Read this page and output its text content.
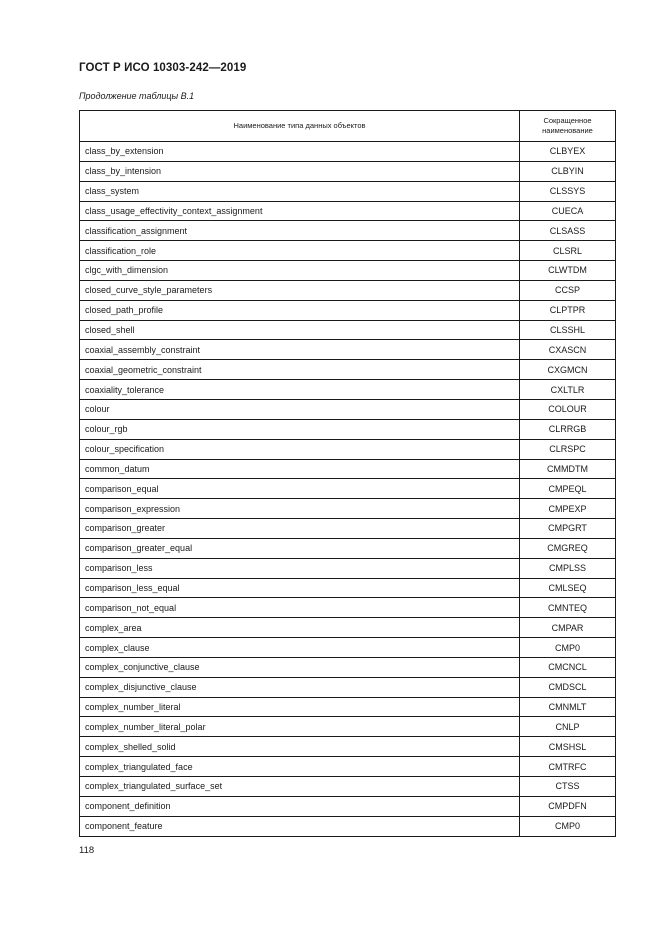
ГОСТ Р ИСО 10303-242—2019
Продолжение таблицы B.1
Наименование типа данных объектов	Сокращенное
наименование
class_by_extension	CLBYEX
class_by_intension	CLBYIN
class_system	CLSSYS
class_usage_effectivity_context_assignment	CUECA
classification_assignment	CLSASS
classification_role	CLSRL
clgc_with_dimension	CLWTDM
closed_curve_style_parameters	CCSP
closed_path_profile	CLPTPR
closed_shell	CLSSHL
coaxial_assembly_constraint	CXASCN
coaxial_geometric_constraint	CXGMCN
coaxiality_tolerance	CXLTLR
colour	COLOUR
colour_rgb	CLRRGB
colour_specification	CLRSPC
common_datum	CMMDTM
comparison_equal	CMPEQL
comparison_expression	CMPEXP
comparison_greater	CMPGRT
comparison_greater_equal	CMGREQ
comparison_less	CMPLSS
comparison_less_equal	CMLSEQ
comparison_not_equal	CMNTEQ
complex_area	CMPAR
complex_clause	CMP0
complex_conjunctive_clause	CMCNCL
complex_disjunctive_clause	CMDSCL
complex_number_literal	CMNMLT
complex_number_literal_polar	CNLP
complex_shelled_solid	CMSHSL
complex_triangulated_face	CMTRFC
complex_triangulated_surface_set	CTSS
component_definition	CMPDFN
component_feature	CMP0
118
